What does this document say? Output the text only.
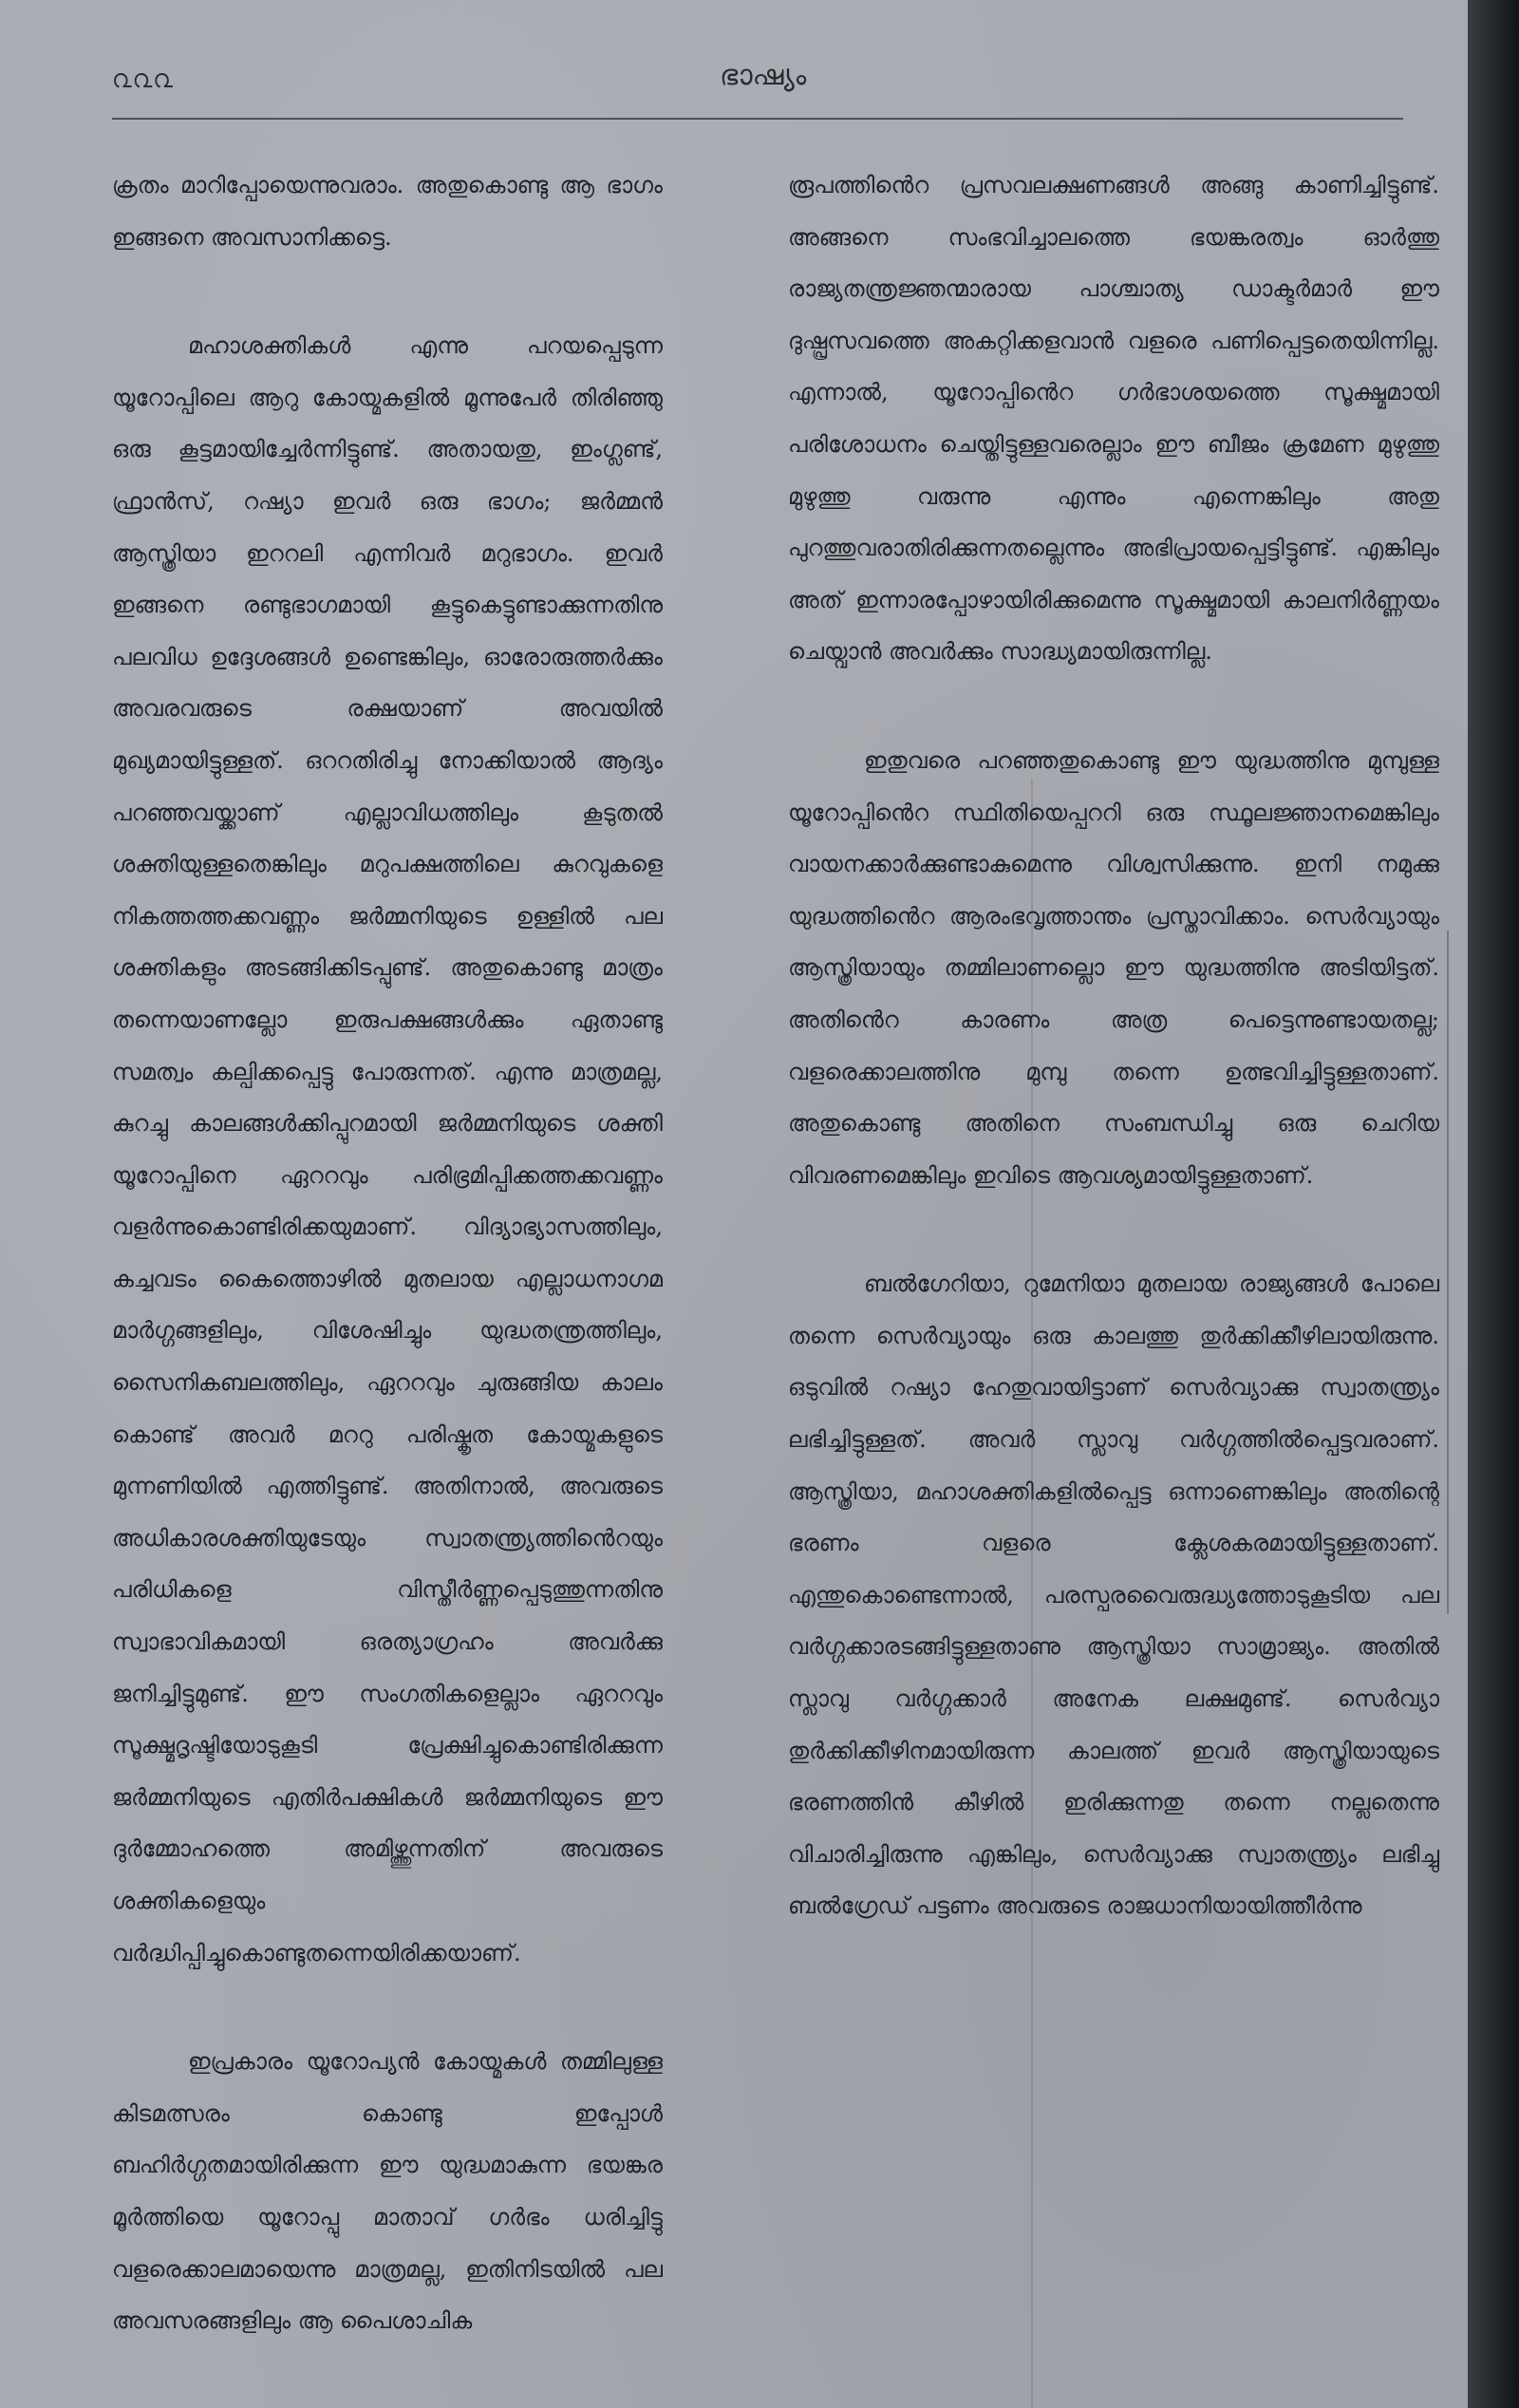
൨൨൨	ഭാഷ്യം

ക്രതം മാറിപ്പോയെന്നുവരാം. അതുകൊണ്ടു ആ ഭാഗം ഇങ്ങനെ അവസാനിക്കട്ടെ.

മഹാശക്തികൾ എന്നു പറയപ്പെടുന്ന യൂറോപ്പിലെ ആറു കോയ്മകളിൽ മൂന്നുപേർ തിരിഞ്ഞു ഒരു കൂട്ടമായിച്ചേർന്നിട്ടുണ്ട്. അതായതു, ഇംഗ്ലണ്ട്, ഫ്രാൻസ്, റഷ്യാ ഇവർ ഒരു ഭാഗം; ജർമ്മൻ ആസ്ത്രിയാ ഇററലി എന്നിവർ മറുഭാഗം. ഇവർ ഇങ്ങനെ രണ്ടുഭാഗമായി കൂട്ടുകെട്ടുണ്ടാക്കുന്നതിനു പലവിധ ഉദ്ദേശങ്ങൾ ഉണ്ടെങ്കിലും, ഓരോരുത്തർക്കും അവരവരുടെ രക്ഷയാണ് അവയിൽ മുഖ്യമായിട്ടുള്ളത്. ഒററതിരിച്ചു നോക്കിയാൽ ആദ്യം പറഞ്ഞവയ്ക്കാണ് എല്ലാവിധത്തിലും കൂടുതൽ ശക്തിയുള്ളതെങ്കിലും മറുപക്ഷത്തിലെ കുറവുകളെ നികത്തത്തക്കവണ്ണം ജർമ്മനിയുടെ ഉള്ളിൽ പല ശക്തികളും അടങ്ങിക്കിടപ്പുണ്ട്. അതുകൊണ്ടു മാത്രം തന്നെയാണല്ലോ ഇരുപക്ഷങ്ങൾക്കും ഏതാണ്ടു സമത്വം കല്പിക്കപ്പെട്ടു പോരുന്നത്. എന്നു മാത്രമല്ല, കുറച്ചു കാലങ്ങൾക്കിപ്പുറമായി ജർമ്മനിയുടെ ശക്തി യൂറോപ്പിനെ ഏററവും പരിഭ്രമിപ്പിക്കത്തക്കവണ്ണം വളർന്നുകൊണ്ടിരിക്കയുമാണ്. വിദ്യാഭ്യാസത്തിലും, കച്ചവടം കൈത്തൊഴിൽ മുതലായ എല്ലാധനാഗമ മാർഗ്ഗങ്ങളിലും, വിശേഷിച്ചും യുദ്ധതന്ത്രത്തിലും, സൈനികബലത്തിലും, ഏററവും ചുരുങ്ങിയ കാലം കൊണ്ട് അവർ മററു പരിഷ്കൃത കോയ്മകളുടെ മുന്നണിയിൽ എത്തിട്ടുണ്ട്. അതിനാൽ, അവരുടെ അധികാരശക്തിയുടേയും സ്വാതന്ത്ര്യത്തിൻെറയും പരിധികളെ വിസ്തീർണ്ണപ്പെടുത്തുന്നതിനു സ്വാഭാവികമായി ഒരത്യാഗ്രഹം അവർക്കു ജനിച്ചിട്ടുമുണ്ട്. ഈ സംഗതികളെല്ലാം ഏററവും സൂക്ഷ്മദൃഷ്ടിയോടുകൂടി പ്രേക്ഷിച്ചുകൊണ്ടിരിക്കുന്ന ജർമ്മനിയുടെ എതിർപക്ഷികൾ ജർമ്മനിയുടെ ഈ ദുർമ്മോഹത്തെ അമിഴ്ത്തുന്നതിന് അവരുടെ ശക്തികളെയും വർദ്ധിപ്പിച്ചുകൊണ്ടുതന്നെയിരിക്കയാണ്.

ഇപ്രകാരം യൂറോപ്യൻ കോയ്മകൾ തമ്മിലുള്ള കിടമത്സരം കൊണ്ടു ഇപ്പോൾ ബഹിർഗ്ഗതമായിരിക്കുന്ന ഈ യുദ്ധമാകുന്ന ഭയങ്കര മൂർത്തിയെ യൂറോപ്പു മാതാവ് ഗർഭം ധരിച്ചിട്ടു വളരെക്കാലമായെന്നു മാത്രമല്ല, ഇതിനിടയിൽ പല അവസരങ്ങളിലും ആ പൈശാചിക

രൂപത്തിൻെറ പ്രസവലക്ഷണങ്ങൾ അങ്ങു കാണിച്ചിട്ടുണ്ട്. അങ്ങനെ സംഭവിച്ചാലത്തെ ഭയങ്കരത്വം ഓർത്തു രാജ്യതന്ത്രജ്ഞന്മാരായ പാശ്ചാത്യ ഡാക്ടർമാർ ഈ ദുഷ്പ്രസവത്തെ അകറ്റിക്കളവാൻ വളരെ പണിപ്പെട്ടതെയിന്നില്ല. എന്നാൽ, യൂറോപ്പിൻെറ ഗർഭാശയത്തെ സൂക്ഷ്മമായി പരിശോധനം ചെയ്തിട്ടുള്ളവരെല്ലാം ഈ ബീജം ക്രമേണ മുഴുത്തു മുഴുത്തു വരുന്നു എന്നും എന്നെങ്കിലും അതു പുറത്തുവരാതിരിക്കുന്നതല്ലെന്നും അഭിപ്രായപ്പെട്ടിട്ടുണ്ട്. എങ്കിലും അത് ഇന്നാരപ്പോഴായിരിക്കുമെന്നു സൂക്ഷ്മമായി കാലനിർണ്ണയം ചെയ്വാൻ അവർക്കും സാദ്ധ്യമായിരുന്നില്ല.

ഇതുവരെ പറഞ്ഞതുകൊണ്ടു ഈ യുദ്ധത്തിനു മുമ്പുള്ള യൂറോപ്പിൻെറ സ്ഥിതിയെപ്പററി ഒരു സ്ഥൂലജ്ഞാനമെങ്കിലും വായനക്കാർക്കുണ്ടാകുമെന്നു വിശ്വസിക്കുന്നു. ഇനി നമുക്കു യുദ്ധത്തിൻെറ ആരംഭവൃത്താന്തം പ്രസ്താവിക്കാം. സെർവ്യായും ആസ്ത്രിയായും തമ്മിലാണല്ലൊ ഈ യുദ്ധത്തിനു അടിയിട്ടത്. അതിൻെറ കാരണം അത്ര പെട്ടെന്നുണ്ടായതല്ല; വളരെക്കാലത്തിനു മുമ്പു തന്നെ ഉത്ഭവിച്ചിട്ടുള്ളതാണ്. അതുകൊണ്ടു അതിനെ സംബന്ധിച്ചു ഒരു ചെറിയ വിവരണമെങ്കിലും ഇവിടെ ആവശ്യമായിട്ടുള്ളതാണ്.

ബൽഗേറിയാ, റുമേനിയാ മുതലായ രാജ്യങ്ങൾ പോലെ തന്നെ സെർവ്യായും ഒരു കാലത്തു തുർക്കിക്കീഴിലായിരുന്നു. ഒടുവിൽ റഷ്യാ ഹേതുവായിട്ടാണ് സെർവ്യാക്കു സ്വാതന്ത്ര്യം ലഭിച്ചിട്ടുള്ളത്. അവർ സ്ലാവു വർഗ്ഗത്തിൽപ്പെട്ടവരാണ്. ആസ്ത്രിയാ, മഹാശക്തികളിൽപ്പെട്ട ഒന്നാണെങ്കിലും അതിന്റെ ഭരണം വളരെ ക്ലേശകരമായിട്ടുള്ളതാണ്. എന്തുകൊണ്ടെന്നാൽ, പരസ്പരവൈരുദ്ധ്യത്തോടുകൂടിയ പല വർഗ്ഗക്കാരടങ്ങിട്ടുള്ളതാണു ആസ്ത്രിയാ സാമ്രാജ്യം. അതിൽ സ്ലാവു വർഗ്ഗക്കാർ അനേക ലക്ഷമുണ്ട്. സെർവ്യാ തുർക്കിക്കീഴിനമായിരുന്ന കാലത്ത് ഇവർ ആസ്ത്രിയായുടെ ഭരണത്തിൻ കീഴിൽ ഇരിക്കുന്നതു തന്നെ നല്ലതെന്നു വിചാരിച്ചിരുന്നു എങ്കിലും, സെർവ്യാക്കു സ്വാതന്ത്ര്യം ലഭിച്ചു ബൽഗ്രേഡ് പട്ടണം അവരുടെ രാജധാനിയായിത്തീർന്നു
